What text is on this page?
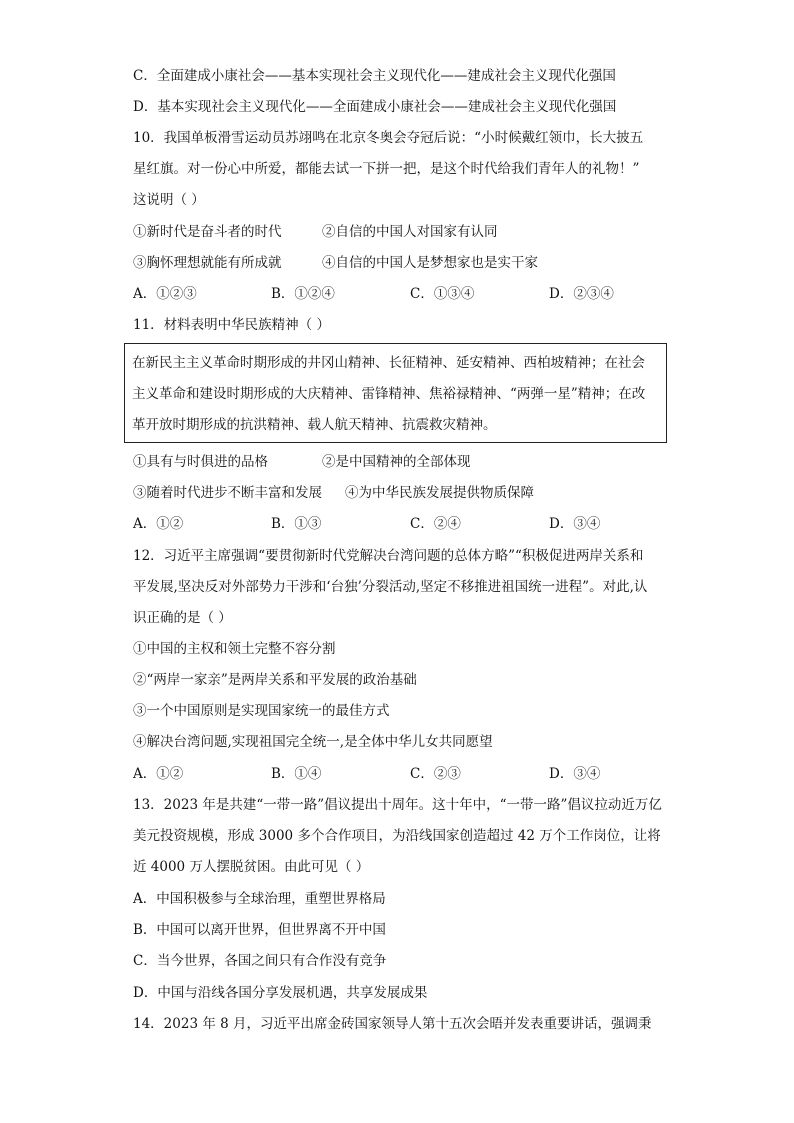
C．全面建成小康社会——基本实现社会主义现代化——建成社会主义现代化强国
D．基本实现社会主义现代化——全面建成小康社会——建成社会主义现代化强国
10．我国单板滑雪运动员苏翊鸣在北京冬奥会夺冠后说：“小时候戴红领巾，长大披五
星红旗。对一份心中所爱，都能去试一下拼一把，是这个时代给我们青年人的礼物！”
这说明（ ）
①新时代是奋斗者的时代	②自信的中国人对国家有认同
③胸怀理想就能有所成就	④自信的中国人是梦想家也是实干家
A．①②③	B．①②④	C．①③④	D．②③④
11．材料表明中华民族精神（ ）
在新民主主义革命时期形成的井冈山精神、长征精神、延安精神、西柏坡精神；在社会
主义革命和建设时期形成的大庆精神、雷锋精神、焦裕禄精神、“两弹一星”精神；在改
革开放时期形成的抗洪精神、载人航天精神、抗震救灾精神。
①具有与时俱进的品格	②是中国精神的全部体现
③随着时代进步不断丰富和发展 ④为中华民族发展提供物质保障
A．①②	B．①③	C．②④	D．③④
12．习近平主席强调“要贯彻新时代党解决台湾问题的总体方略”“积极促进两岸关系和
平发展,坚决反对外部势力干涉和‘台独’分裂活动,坚定不移推进祖国统一进程”。对此,认
识正确的是（ ）
①中国的主权和领土完整不容分割
②“两岸一家亲”是两岸关系和平发展的政治基础
③一个中国原则是实现国家统一的最佳方式
④解决台湾问题,实现祖国完全统一,是全体中华儿女共同愿望
A．①②	B．①④	C．②③	D．③④
13．2023 年是共建“一带一路”倡议提出十周年。这十年中，“一带一路”倡议拉动近万亿
美元投资规模，形成 3000 多个合作项目，为沿线国家创造超过 42 万个工作岗位，让将
近 4000 万人摆脱贫困。由此可见（ ）
A．中国积极参与全球治理，重塑世界格局
B．中国可以离开世界，但世界离不开中国
C．当今世界，各国之间只有合作没有竞争
D．中国与沿线各国分享发展机遇，共享发展成果
14．2023 年 8 月，习近平出席金砖国家领导人第十五次会晤并发表重要讲话，强调秉
